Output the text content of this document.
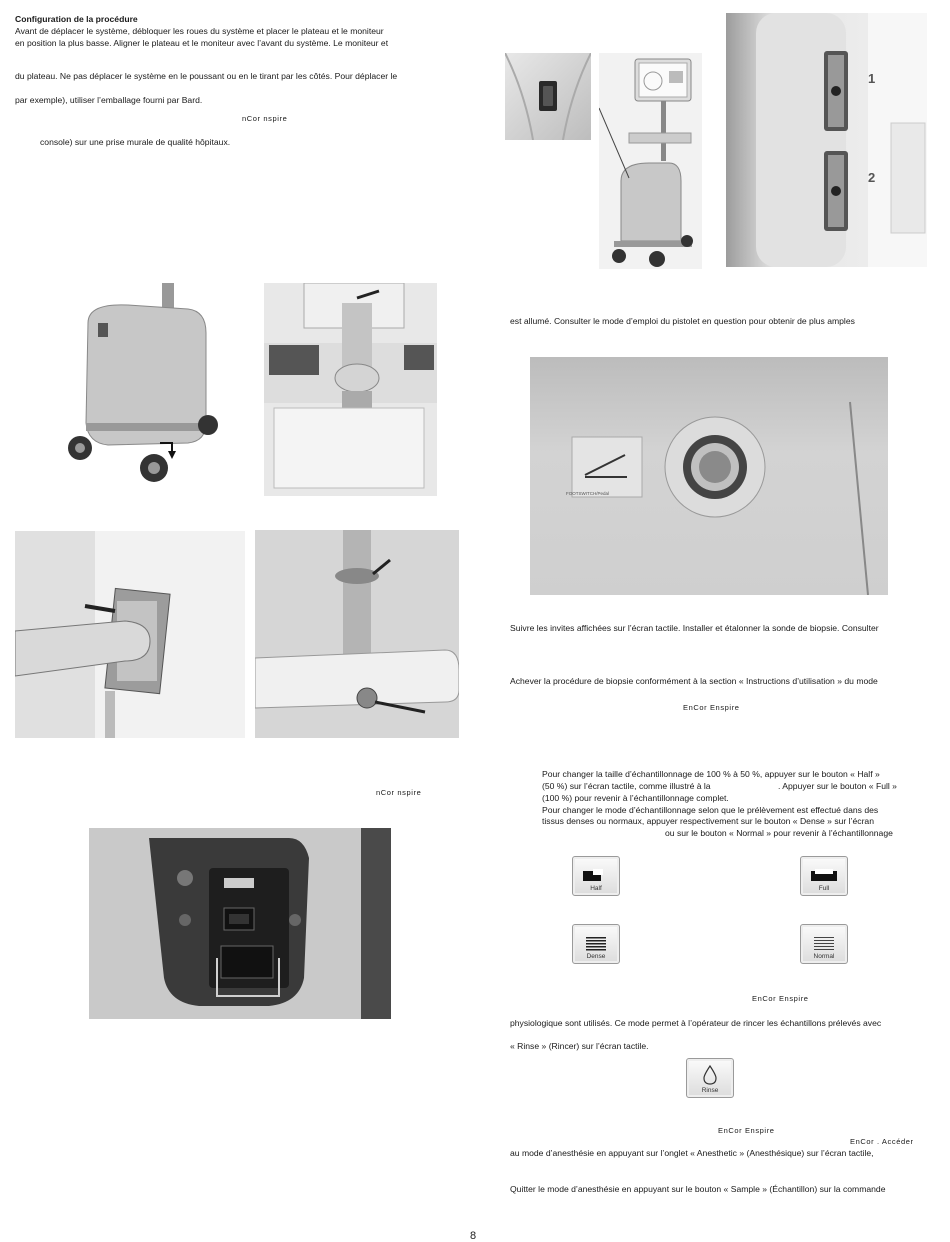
Configuration de la procédure
Avant de déplacer le système, débloquer les roues du système et placer le plateau et le moniteur
en position la plus basse. Aligner le plateau et le moniteur avec l’avant du système. Le moniteur et
du plateau. Ne pas déplacer le système en le poussant ou en le tirant par les côtés. Pour déplacer le
par exemple), utiliser l’emballage fourni par Bard.
nCor nspire
console) sur une prise murale de qualité hôpitaux.
nCor nspire
1
2
FOOTSWITCH/Pedal
est allumé. Consulter le mode d’emploi du pistolet en question pour obtenir de plus amples
Suivre les invites affichées sur l’écran tactile. Installer et étalonner la sonde de biopsie. Consulter
Achever la procédure de biopsie conformément à la section « Instructions d’utilisation » du mode
EnCor Enspire
Pour changer la taille d’échantillonnage de 100 % à 50 %, appuyer sur le bouton « Half »
(50 %) sur l’écran tactile, comme illustré à la	. Appuyer sur le bouton « Full »
(100 %) pour revenir à l’échantillonnage complet.
Pour changer le mode d’échantillonnage selon que le prélèvement est effectué dans des
tissus denses ou normaux, appuyer respectivement sur le bouton « Dense » sur l’écran
ou sur le bouton « Normal » pour revenir à l’échantillonnage
Half	Full
Dense	Normal
EnCor Enspire
physiologique sont utilisés. Ce mode permet à l’opérateur de rincer les échantillons prélevés avec
« Rinse » (Rincer) sur l’écran tactile.
Rinse
EnCor Enspire
EnCor . Accéder
au mode d’anesthésie en appuyant sur l’onglet « Anesthetic » (Anesthésique) sur l’écran tactile,
Quitter le mode d’anesthésie en appuyant sur le bouton « Sample » (Échantillon) sur la commande
8
